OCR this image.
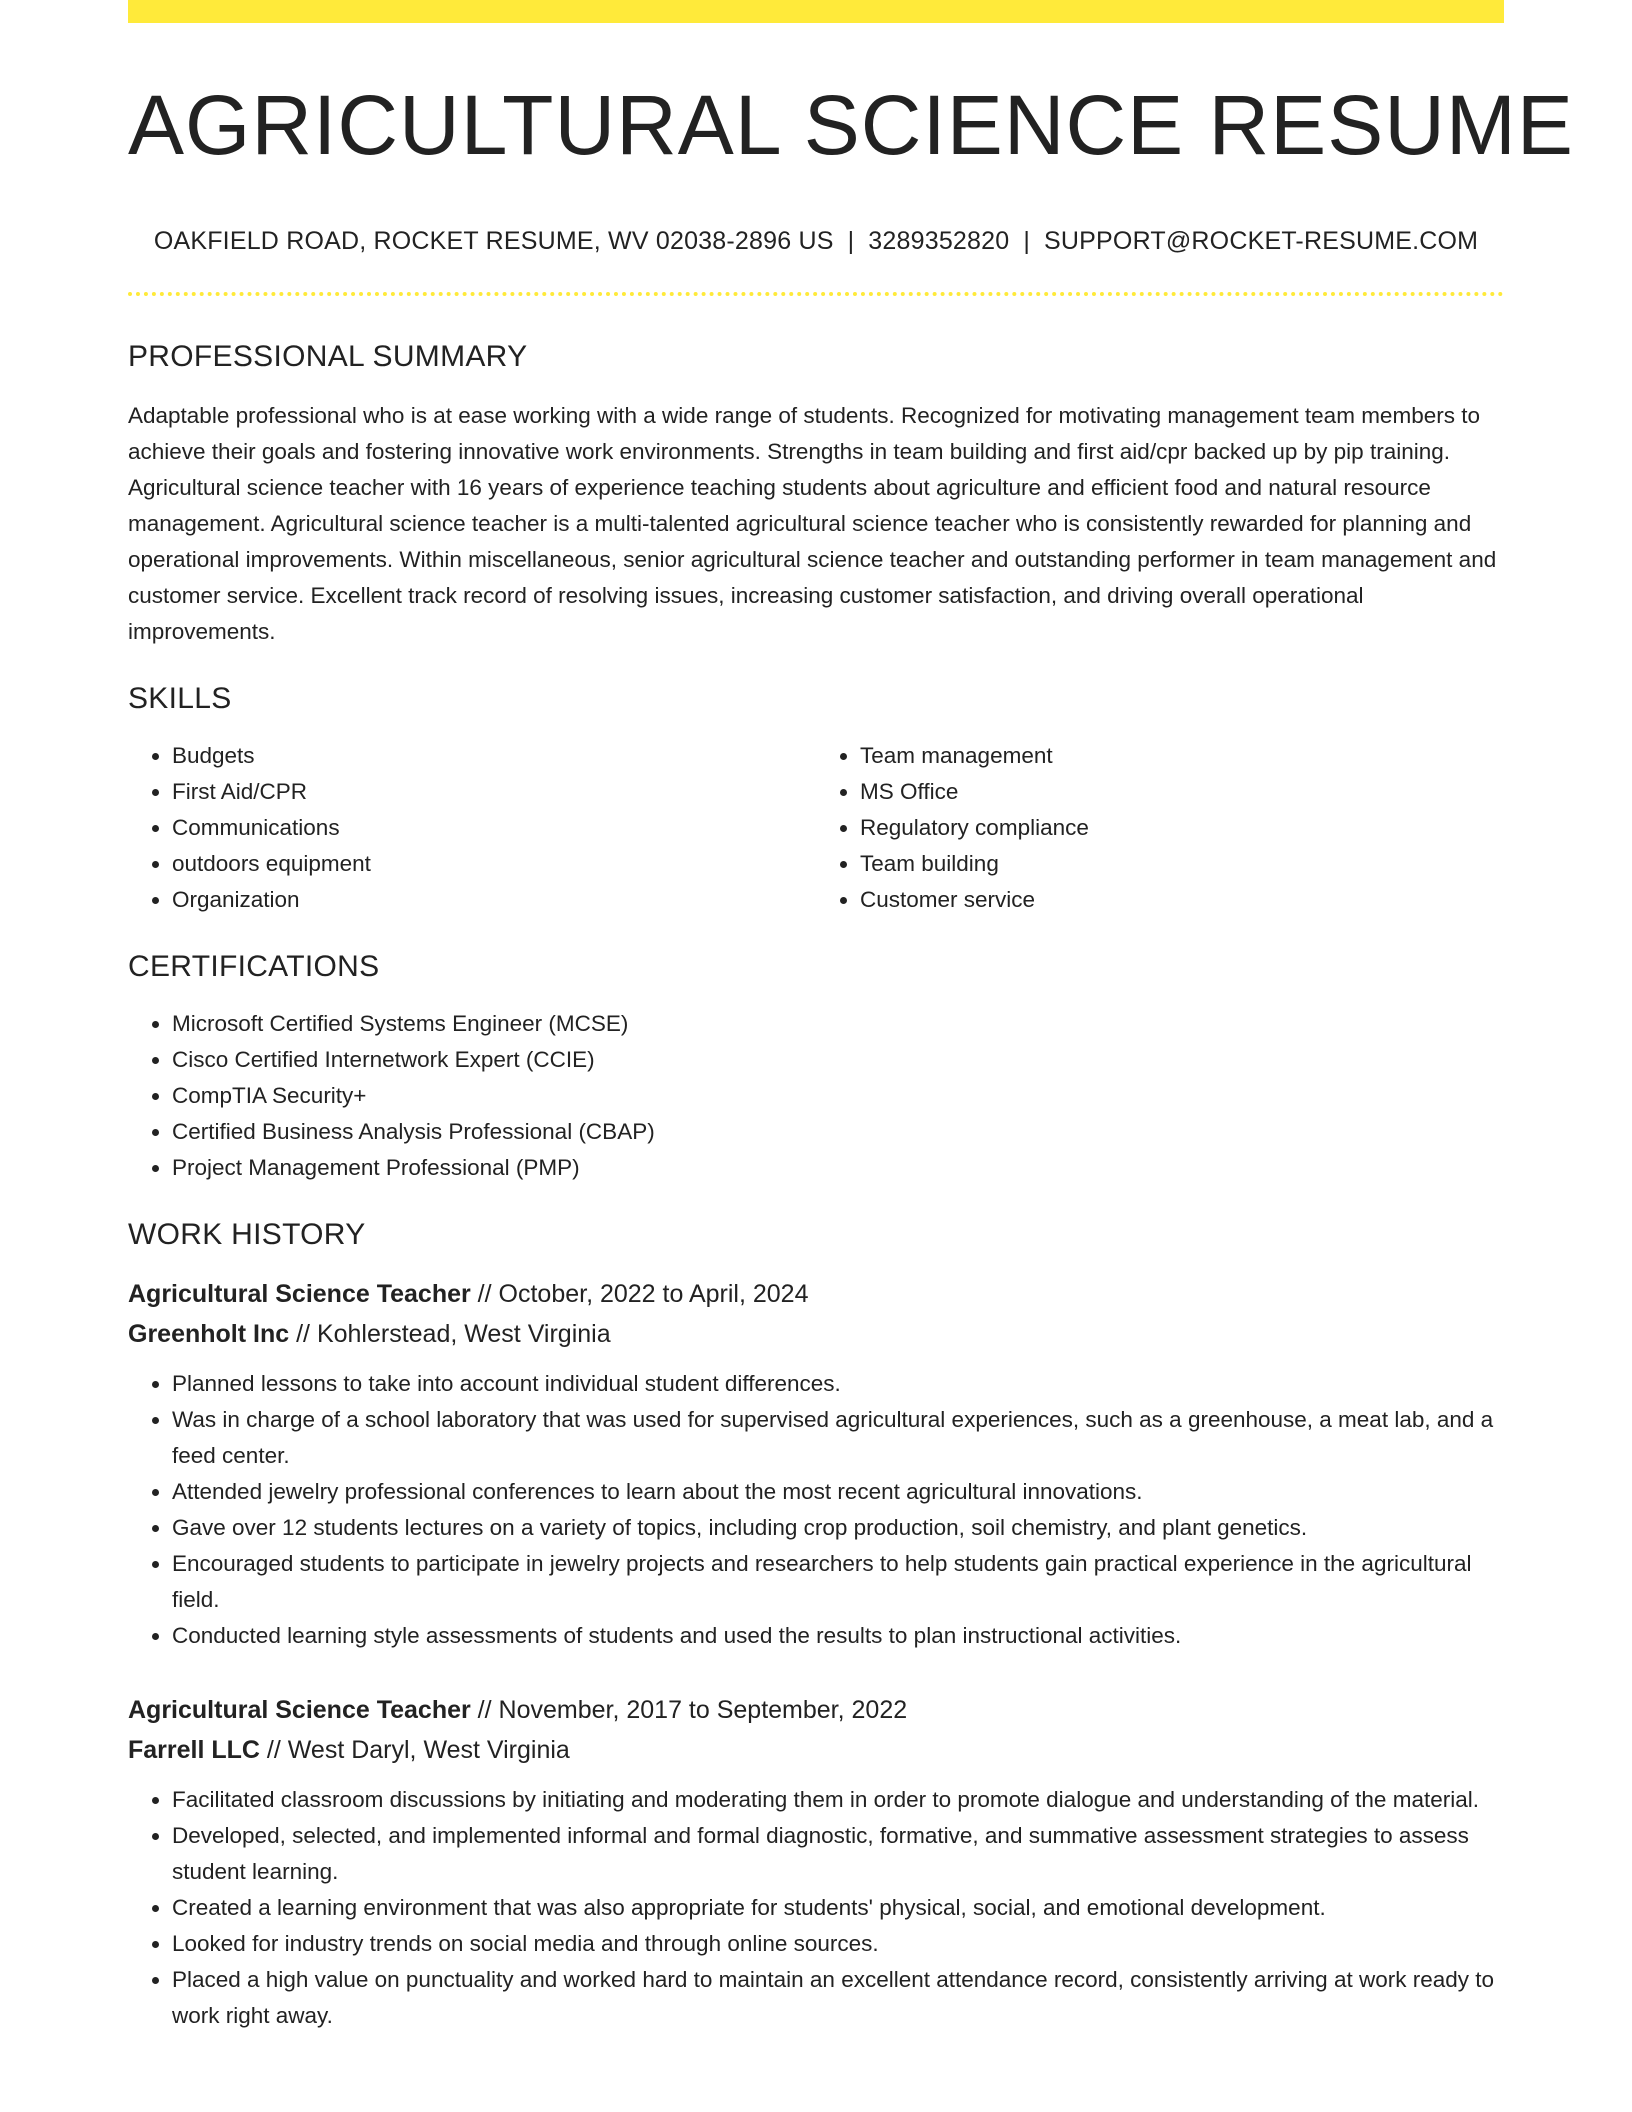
AGRICULTURAL SCIENCE RESUME
OAKFIELD ROAD, ROCKET RESUME, WV 02038-2896 US | 3289352820 | SUPPORT@ROCKET-RESUME.COM
PROFESSIONAL SUMMARY
Adaptable professional who is at ease working with a wide range of students. Recognized for motivating management team members to achieve their goals and fostering innovative work environments. Strengths in team building and first aid/cpr backed up by pip training. Agricultural science teacher with 16 years of experience teaching students about agriculture and efficient food and natural resource management. Agricultural science teacher is a multi-talented agricultural science teacher who is consistently rewarded for planning and operational improvements. Within miscellaneous, senior agricultural science teacher and outstanding performer in team management and customer service. Excellent track record of resolving issues, increasing customer satisfaction, and driving overall operational improvements.
SKILLS
• Budgets
• First Aid/CPR
• Communications
• outdoors equipment
• Organization
• Team management
• MS Office
• Regulatory compliance
• Team building
• Customer service
CERTIFICATIONS
• Microsoft Certified Systems Engineer (MCSE)
• Cisco Certified Internetwork Expert (CCIE)
• CompTIA Security+
• Certified Business Analysis Professional (CBAP)
• Project Management Professional (PMP)
WORK HISTORY
Agricultural Science Teacher // October, 2022 to April, 2024
Greenholt Inc // Kohlerstead, West Virginia
• Planned lessons to take into account individual student differences.
• Was in charge of a school laboratory that was used for supervised agricultural experiences, such as a greenhouse, a meat lab, and a feed center.
• Attended jewelry professional conferences to learn about the most recent agricultural innovations.
• Gave over 12 students lectures on a variety of topics, including crop production, soil chemistry, and plant genetics.
• Encouraged students to participate in jewelry projects and researchers to help students gain practical experience in the agricultural field.
• Conducted learning style assessments of students and used the results to plan instructional activities.
Agricultural Science Teacher // November, 2017 to September, 2022
Farrell LLC // West Daryl, West Virginia
• Facilitated classroom discussions by initiating and moderating them in order to promote dialogue and understanding of the material.
• Developed, selected, and implemented informal and formal diagnostic, formative, and summative assessment strategies to assess student learning.
• Created a learning environment that was also appropriate for students' physical, social, and emotional development.
• Looked for industry trends on social media and through online sources.
• Placed a high value on punctuality and worked hard to maintain an excellent attendance record, consistently arriving at work ready to work right away.
